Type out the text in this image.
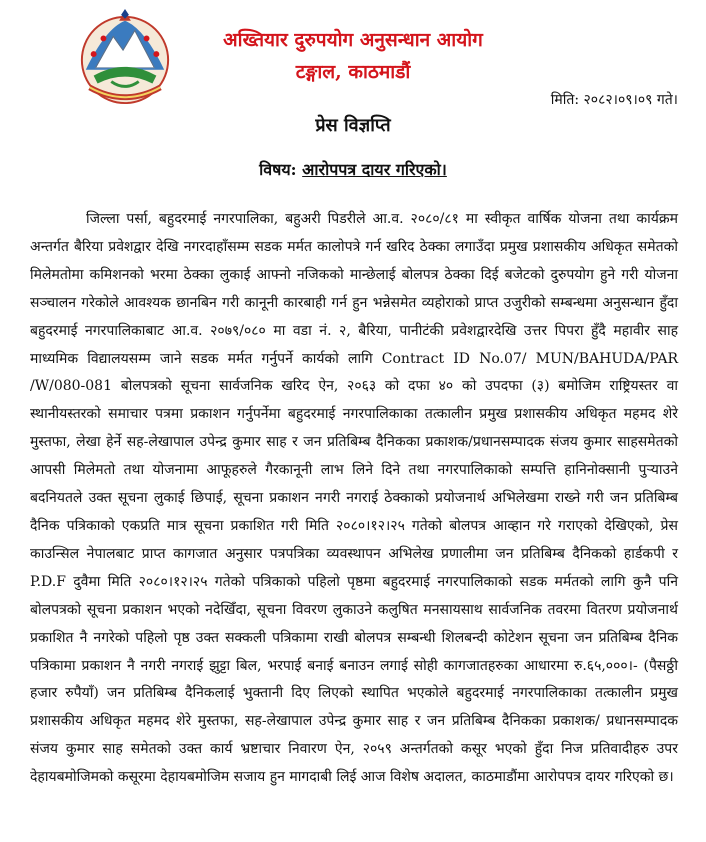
अख्तियार दुरुपयोग अनुसन्धान आयोग
टङ्गाल, काठमाडौं
मिति: २०८२।०९।०९ गते।
प्रेस विज्ञप्ति
विषय: आरोपपत्र दायर गरिएको।

जिल्ला पर्सा, बहुदरमाई नगरपालिका, बहुअरी पिडरीले आ.व. २०८०/८१ मा स्वीकृत वार्षिक योजना तथा कार्यक्रम अन्तर्गत बैरिया प्रवेशद्वार देखि नगरदाहाँसम्म सडक मर्मत कालोपत्रे गर्न खरिद ठेक्का लगाउँदा प्रमुख प्रशासकीय अधिकृत समेतको मिलेमतोमा कमिशनको भरमा ठेक्का लुकाई आफ्नो नजिकको मान्छेलाई बोलपत्र ठेक्का दिई बजेटको दुरुपयोग हुने गरी योजना सञ्चालन गरेकोले आवश्यक छानबिन गरी कानूनी कारबाही गर्न हुन भन्नेसमेत व्यहोराको प्राप्त उजुरीको सम्बन्धमा अनुसन्धान हुँदा बहुदरमाई नगरपालिकाबाट आ.व. २०७९/०८० मा वडा नं. २, बैरिया, पानीटंकी प्रवेशद्वारदेखि उत्तर पिपरा हुँदै महावीर साह माध्यमिक विद्यालयसम्म जाने सडक मर्मत गर्नुपर्ने कार्यको लागि Contract ID No.07/ MUN/BAHUDA/PAR /W/080-081 बोलपत्रको सूचना सार्वजनिक खरिद ऐन, २०६३ को दफा ४० को उपदफा (३) बमोजिम राष्ट्रियस्तर वा स्थानीयस्तरको समाचार पत्रमा प्रकाशन गर्नुपर्नेमा बहुदरमाई नगरपालिकाका तत्कालीन प्रमुख प्रशासकीय अधिकृत महमद शेरे मुस्तफा, लेखा हेर्ने सह-लेखापाल उपेन्द्र कुमार साह र जन प्रतिबिम्ब दैनिकका प्रकाशक/प्रधानसम्पादक संजय कुमार साहसमेतको आपसी मिलेमतो तथा योजनामा आफूहरुले गैरकानूनी लाभ लिने दिने तथा नगरपालिकाको सम्पत्ति हानिनोक्सानी पुऱ्याउने बदनियतले उक्त सूचना लुकाई छिपाई, सूचना प्रकाशन नगरी नगराई ठेक्काको प्रयोजनार्थ अभिलेखमा राख्ने गरी जन प्रतिबिम्ब दैनिक पत्रिकाको एकप्रति मात्र सूचना प्रकाशित गरी मिति २०८०।१२।२५ गतेको बोलपत्र आव्हान गरे गराएको देखिएको, प्रेस काउन्सिल नेपालबाट प्राप्त कागजात अनुसार पत्रपत्रिका व्यवस्थापन अभिलेख प्रणालीमा जन प्रतिबिम्ब दैनिकको हार्डकपी र P.D.F दुवैमा मिति २०८०।१२।२५ गतेको पत्रिकाको पहिलो पृष्ठमा बहुदरमाई नगरपालिकाको सडक मर्मतको लागि कुनै पनि बोलपत्रको सूचना प्रकाशन भएको नदेखिँदा, सूचना विवरण लुकाउने कलुषित मनसायसाथ सार्वजनिक तवरमा वितरण प्रयोजनार्थ प्रकाशित नै नगरेको पहिलो पृष्ठ उक्त सक्कली पत्रिकामा राखी बोलपत्र सम्बन्धी शिलबन्दी कोटेशन सूचना जन प्रतिबिम्ब दैनिक पत्रिकामा प्रकाशन नै नगरी नगराई झुट्टा बिल, भरपाई बनाई बनाउन लगाई सोही कागजातहरुका आधारमा रु.६५,०००।- (पैसठ्ठी हजार रुपैयाँ) जन प्रतिबिम्ब दैनिकलाई भुक्तानी दिए लिएको स्थापित भएकोले बहुदरमाई नगरपालिकाका तत्कालीन प्रमुख प्रशासकीय अधिकृत महमद शेरे मुस्तफा, सह-लेखापाल उपेन्द्र कुमार साह र जन प्रतिबिम्ब दैनिकका प्रकाशक/ प्रधानसम्पादक संजय कुमार साह समेतको उक्त कार्य भ्रष्टाचार निवारण ऐन, २०५९ अन्तर्गतको कसूर भएको हुँदा निज प्रतिवादीहरु उपर देहायबमोजिमको कसूरमा देहायबमोजिम सजाय हुन मागदाबी लिई आज विशेष अदालत, काठमाडौंमा आरोपपत्र दायर गरिएको छ।
